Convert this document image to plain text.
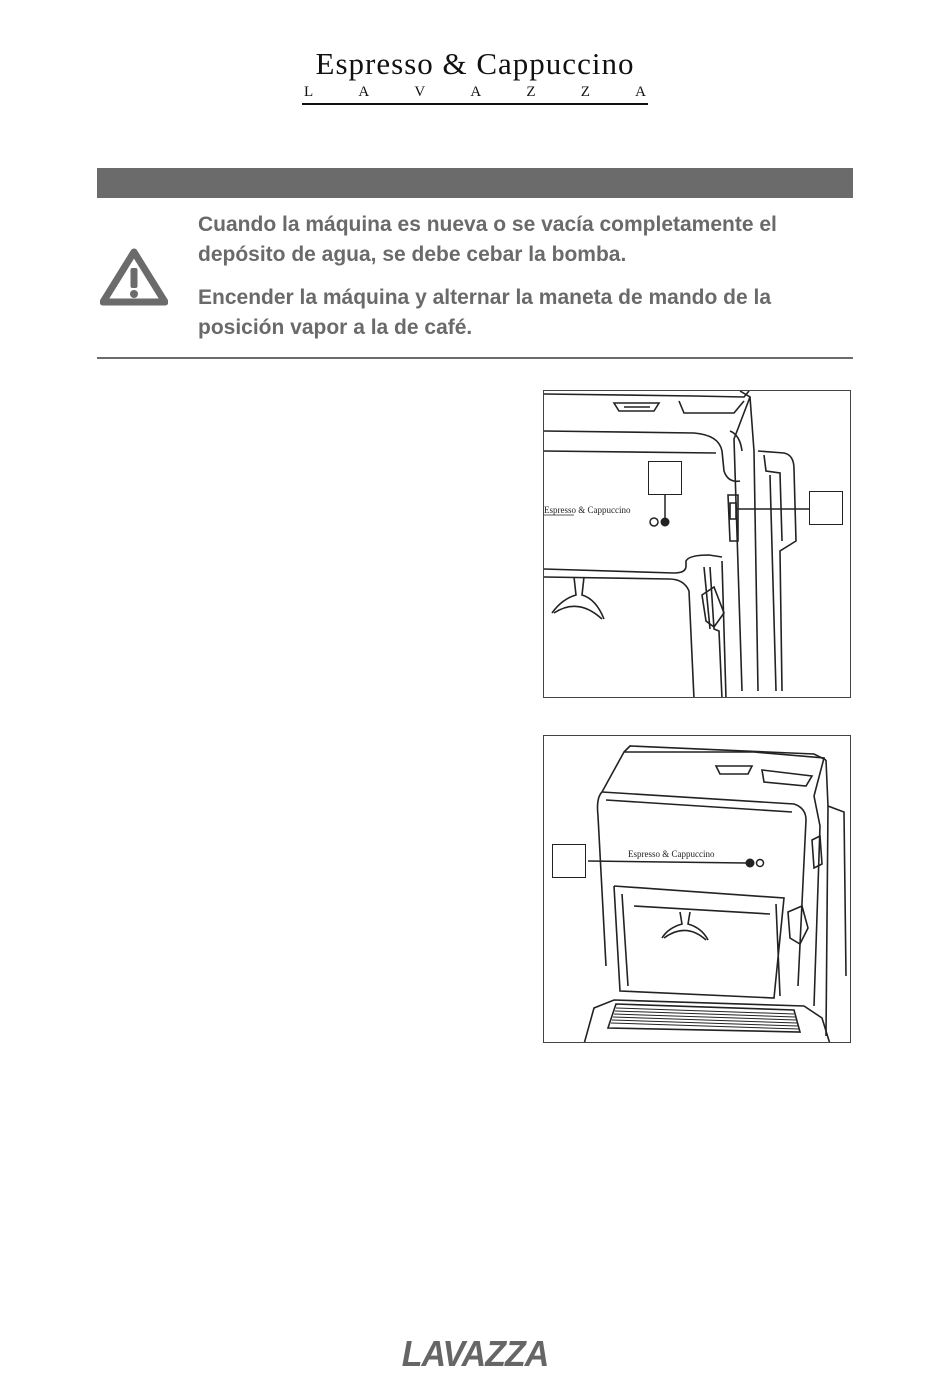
Espresso & Cappuccino
L	A	V	A	Z	Z	A

Cuando la máquina es nueva o se vacía completamente el depósito de agua, se debe cebar la bomba.

Encender la máquina y alternar la maneta de mando de la posición vapor a la de café.

Espresso & Cappuccino
Espresso & Cappuccino
LAVAZZA
